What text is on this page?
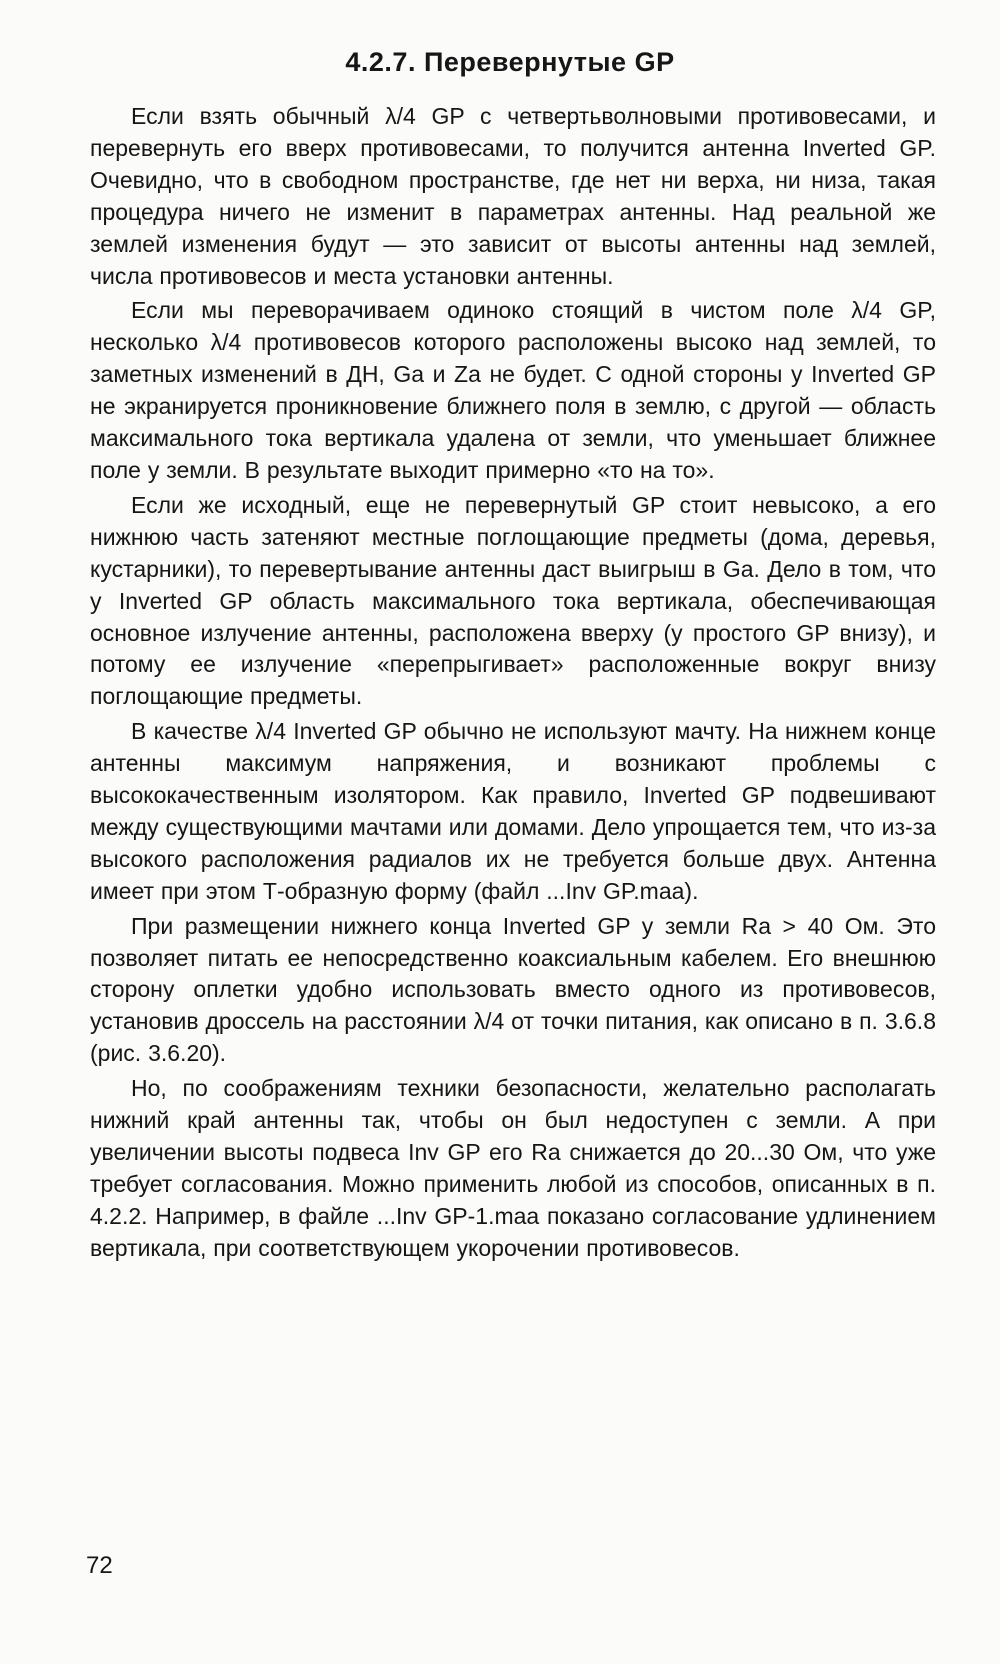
4.2.7. Перевернутые GP

Если взять обычный λ/4 GP с четвертьволновыми противовесами, и перевернуть его вверх противовесами, то получится антенна Inverted GP. Очевидно, что в свободном пространстве, где нет ни верха, ни низа, такая процедура ничего не изменит в параметрах антенны. Над реальной же землей изменения будут — это зависит от высоты антенны над землей, числа противовесов и места установки антенны.

Если мы переворачиваем одиноко стоящий в чистом поле λ/4 GP, несколько λ/4 противовесов которого расположены высоко над землей, то заметных изменений в ДН, Ga и Za не будет. С одной стороны у Inverted GP не экранируется проникновение ближнего поля в землю, с другой — область максимального тока вертикала удалена от земли, что уменьшает ближнее поле у земли. В результате выходит примерно «то на то».

Если же исходный, еще не перевернутый GP стоит невысоко, а его нижнюю часть затеняют местные поглощающие предметы (дома, деревья, кустарники), то перевертывание антенны даст выигрыш в Ga. Дело в том, что у Inverted GP область максимального тока вертикала, обеспечивающая основное излучение антенны, расположена вверху (у простого GP внизу), и потому ее излучение «перепрыгивает» расположенные вокруг внизу поглощающие предметы.

В качестве λ/4 Inverted GP обычно не используют мачту. На нижнем конце антенны максимум напряжения, и возникают проблемы с высококачественным изолятором. Как правило, Inverted GP подвешивают между существующими мачтами или домами. Дело упрощается тем, что из-за высокого расположения радиалов их не требуется больше двух. Антенна имеет при этом Т-образную форму (файл ...Inv GP.maa).

При размещении нижнего конца Inverted GP у земли Ra > 40 Ом. Это позволяет питать ее непосредственно коаксиальным кабелем. Его внешнюю сторону оплетки удобно использовать вместо одного из противовесов, установив дроссель на расстоянии λ/4 от точки питания, как описано в п. 3.6.8 (рис. 3.6.20).

Но, по соображениям техники безопасности, желательно располагать нижний край антенны так, чтобы он был недоступен с земли. А при увеличении высоты подвеса Inv GP его Ra снижается до 20...30 Ом, что уже требует согласования. Можно применить любой из способов, описанных в п. 4.2.2. Например, в файле ...Inv GP-1.maa показано согласование удлинением вертикала, при соответствующем укорочении противовесов.

72
